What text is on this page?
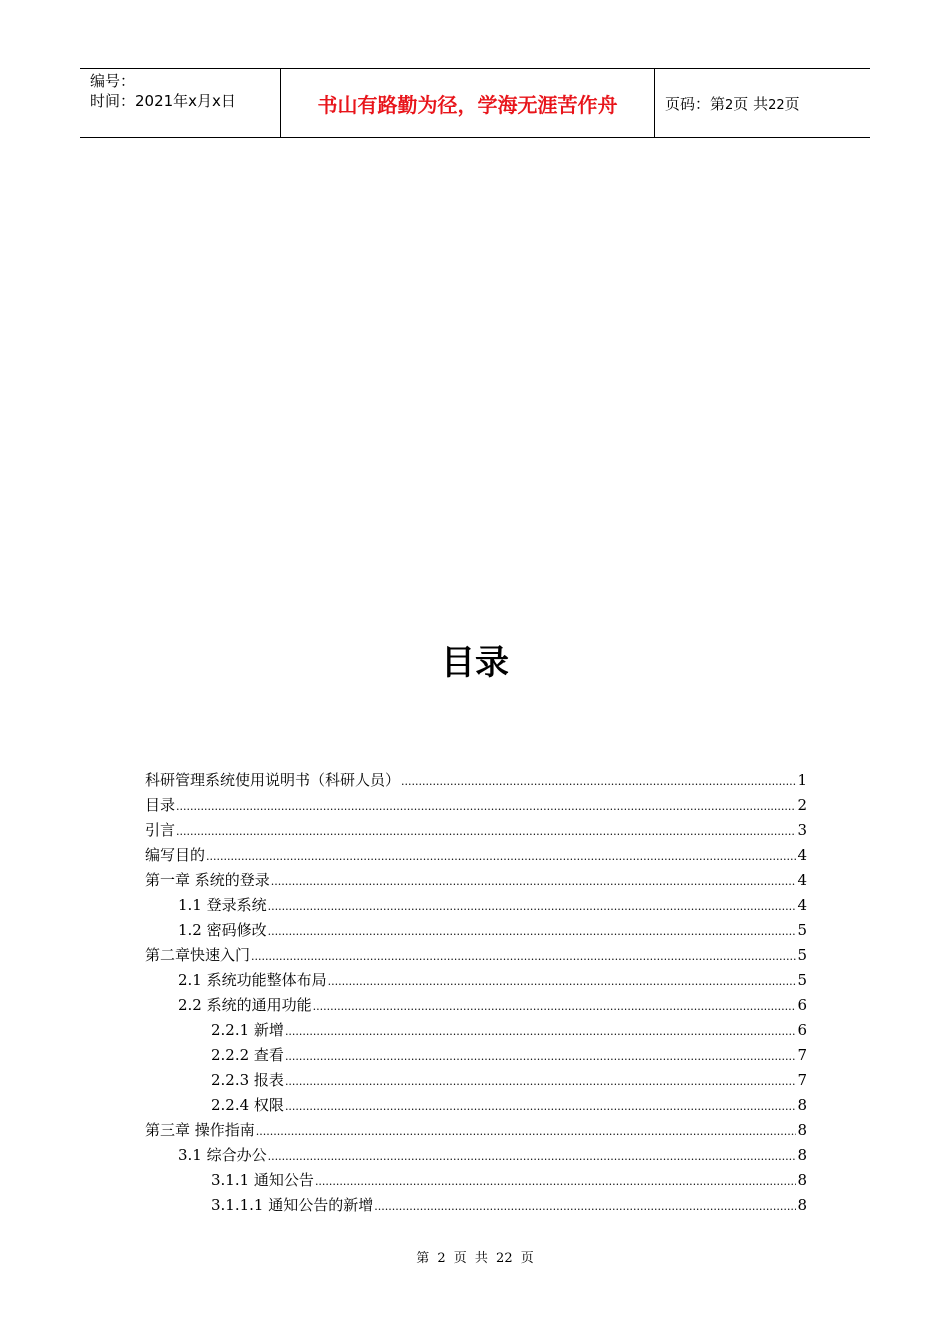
编号：
时间：2021年x月x日	书山有路勤为径，学海无涯苦作舟	页码：第2页 共22页
目录
科研管理系统使用说明书（科研人员） .....	1
目录 .....	2
引言 .....	3
编写目的 .....	4
第一章 系统的登录 .....	4
1.1 登录系统 .....	4
1.2 密码修改 .....	5
第二章快速入门 .....	5
2.1 系统功能整体布局 .....	5
2.2 系统的通用功能 .....	6
2.2.1 新增 .....	6
2.2.2 查看 .....	7
2.2.3 报表 .....	7
2.2.4 权限 .....	8
第三章 操作指南 .....	8
3.1 综合办公 .....	8
3.1.1 通知公告 .....	8
3.1.1.1 通知公告的新增 .....	8
第 2 页 共 22 页
